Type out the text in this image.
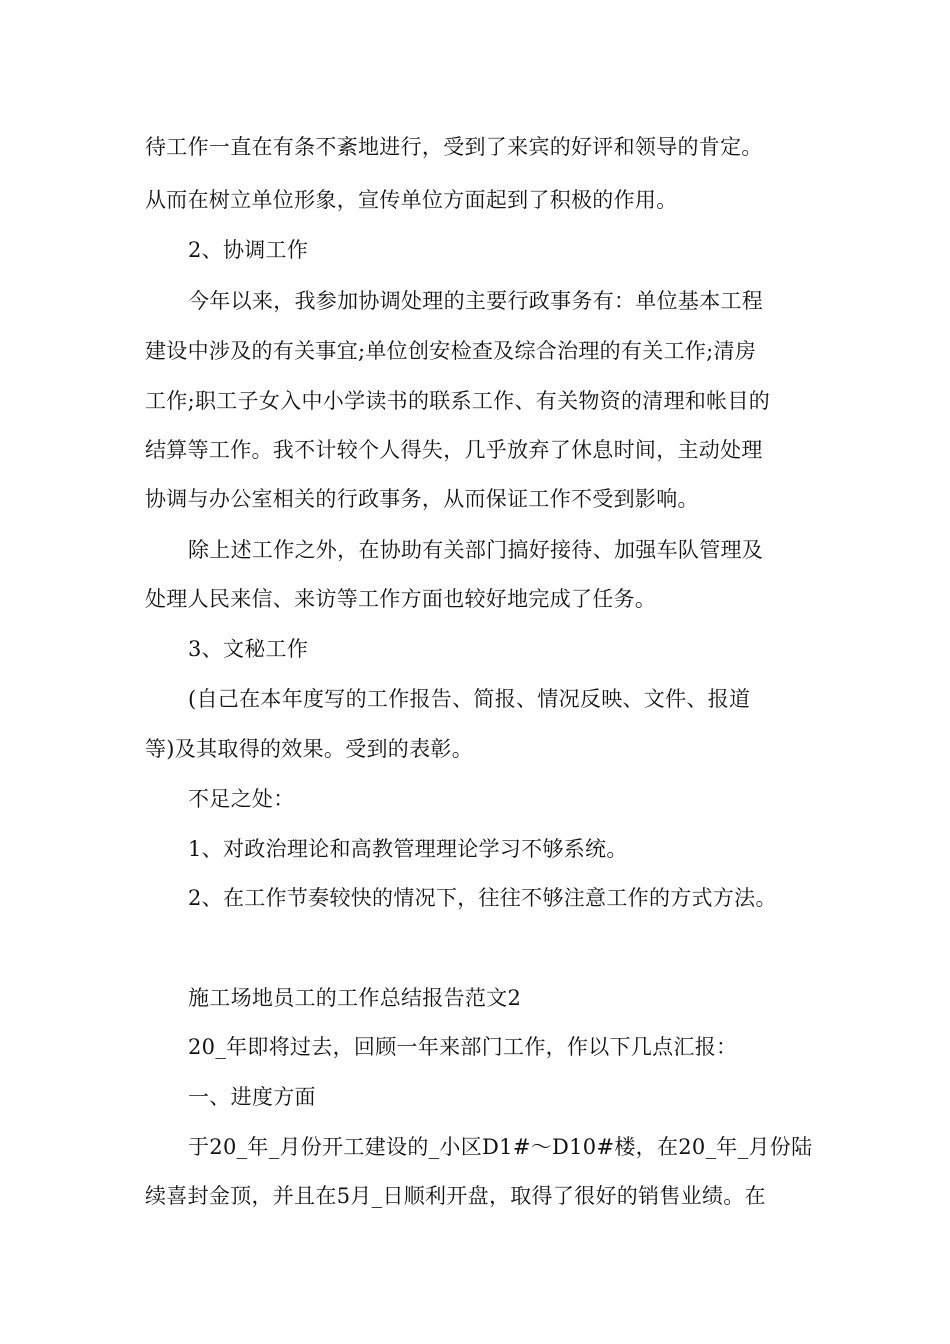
待工作一直在有条不紊地进行，受到了来宾的好评和领导的肯定。
从而在树立单位形象，宣传单位方面起到了积极的作用。
2、协调工作
今年以来，我参加协调处理的主要行政事务有：单位基本工程
建设中涉及的有关事宜;单位创安检查及综合治理的有关工作;清房
工作;职工子女入中小学读书的联系工作、有关物资的清理和帐目的
结算等工作。我不计较个人得失，几乎放弃了休息时间，主动处理
协调与办公室相关的行政事务，从而保证工作不受到影响。
除上述工作之外，在协助有关部门搞好接待、加强车队管理及
处理人民来信、来访等工作方面也较好地完成了任务。
3、文秘工作
(自己在本年度写的工作报告、简报、情况反映、文件、报道
等)及其取得的效果。受到的表彰。
不足之处：
1、对政治理论和高教管理理论学习不够系统。
2、在工作节奏较快的情况下，往往不够注意工作的方式方法。
施工场地员工的工作总结报告范文2
20_年即将过去，回顾一年来部门工作，作以下几点汇报：
一、进度方面
于20_年_月份开工建设的_小区D1#～D10#楼，在20_年_月份陆
续喜封金顶，并且在5月_日顺利开盘，取得了很好的销售业绩。在
